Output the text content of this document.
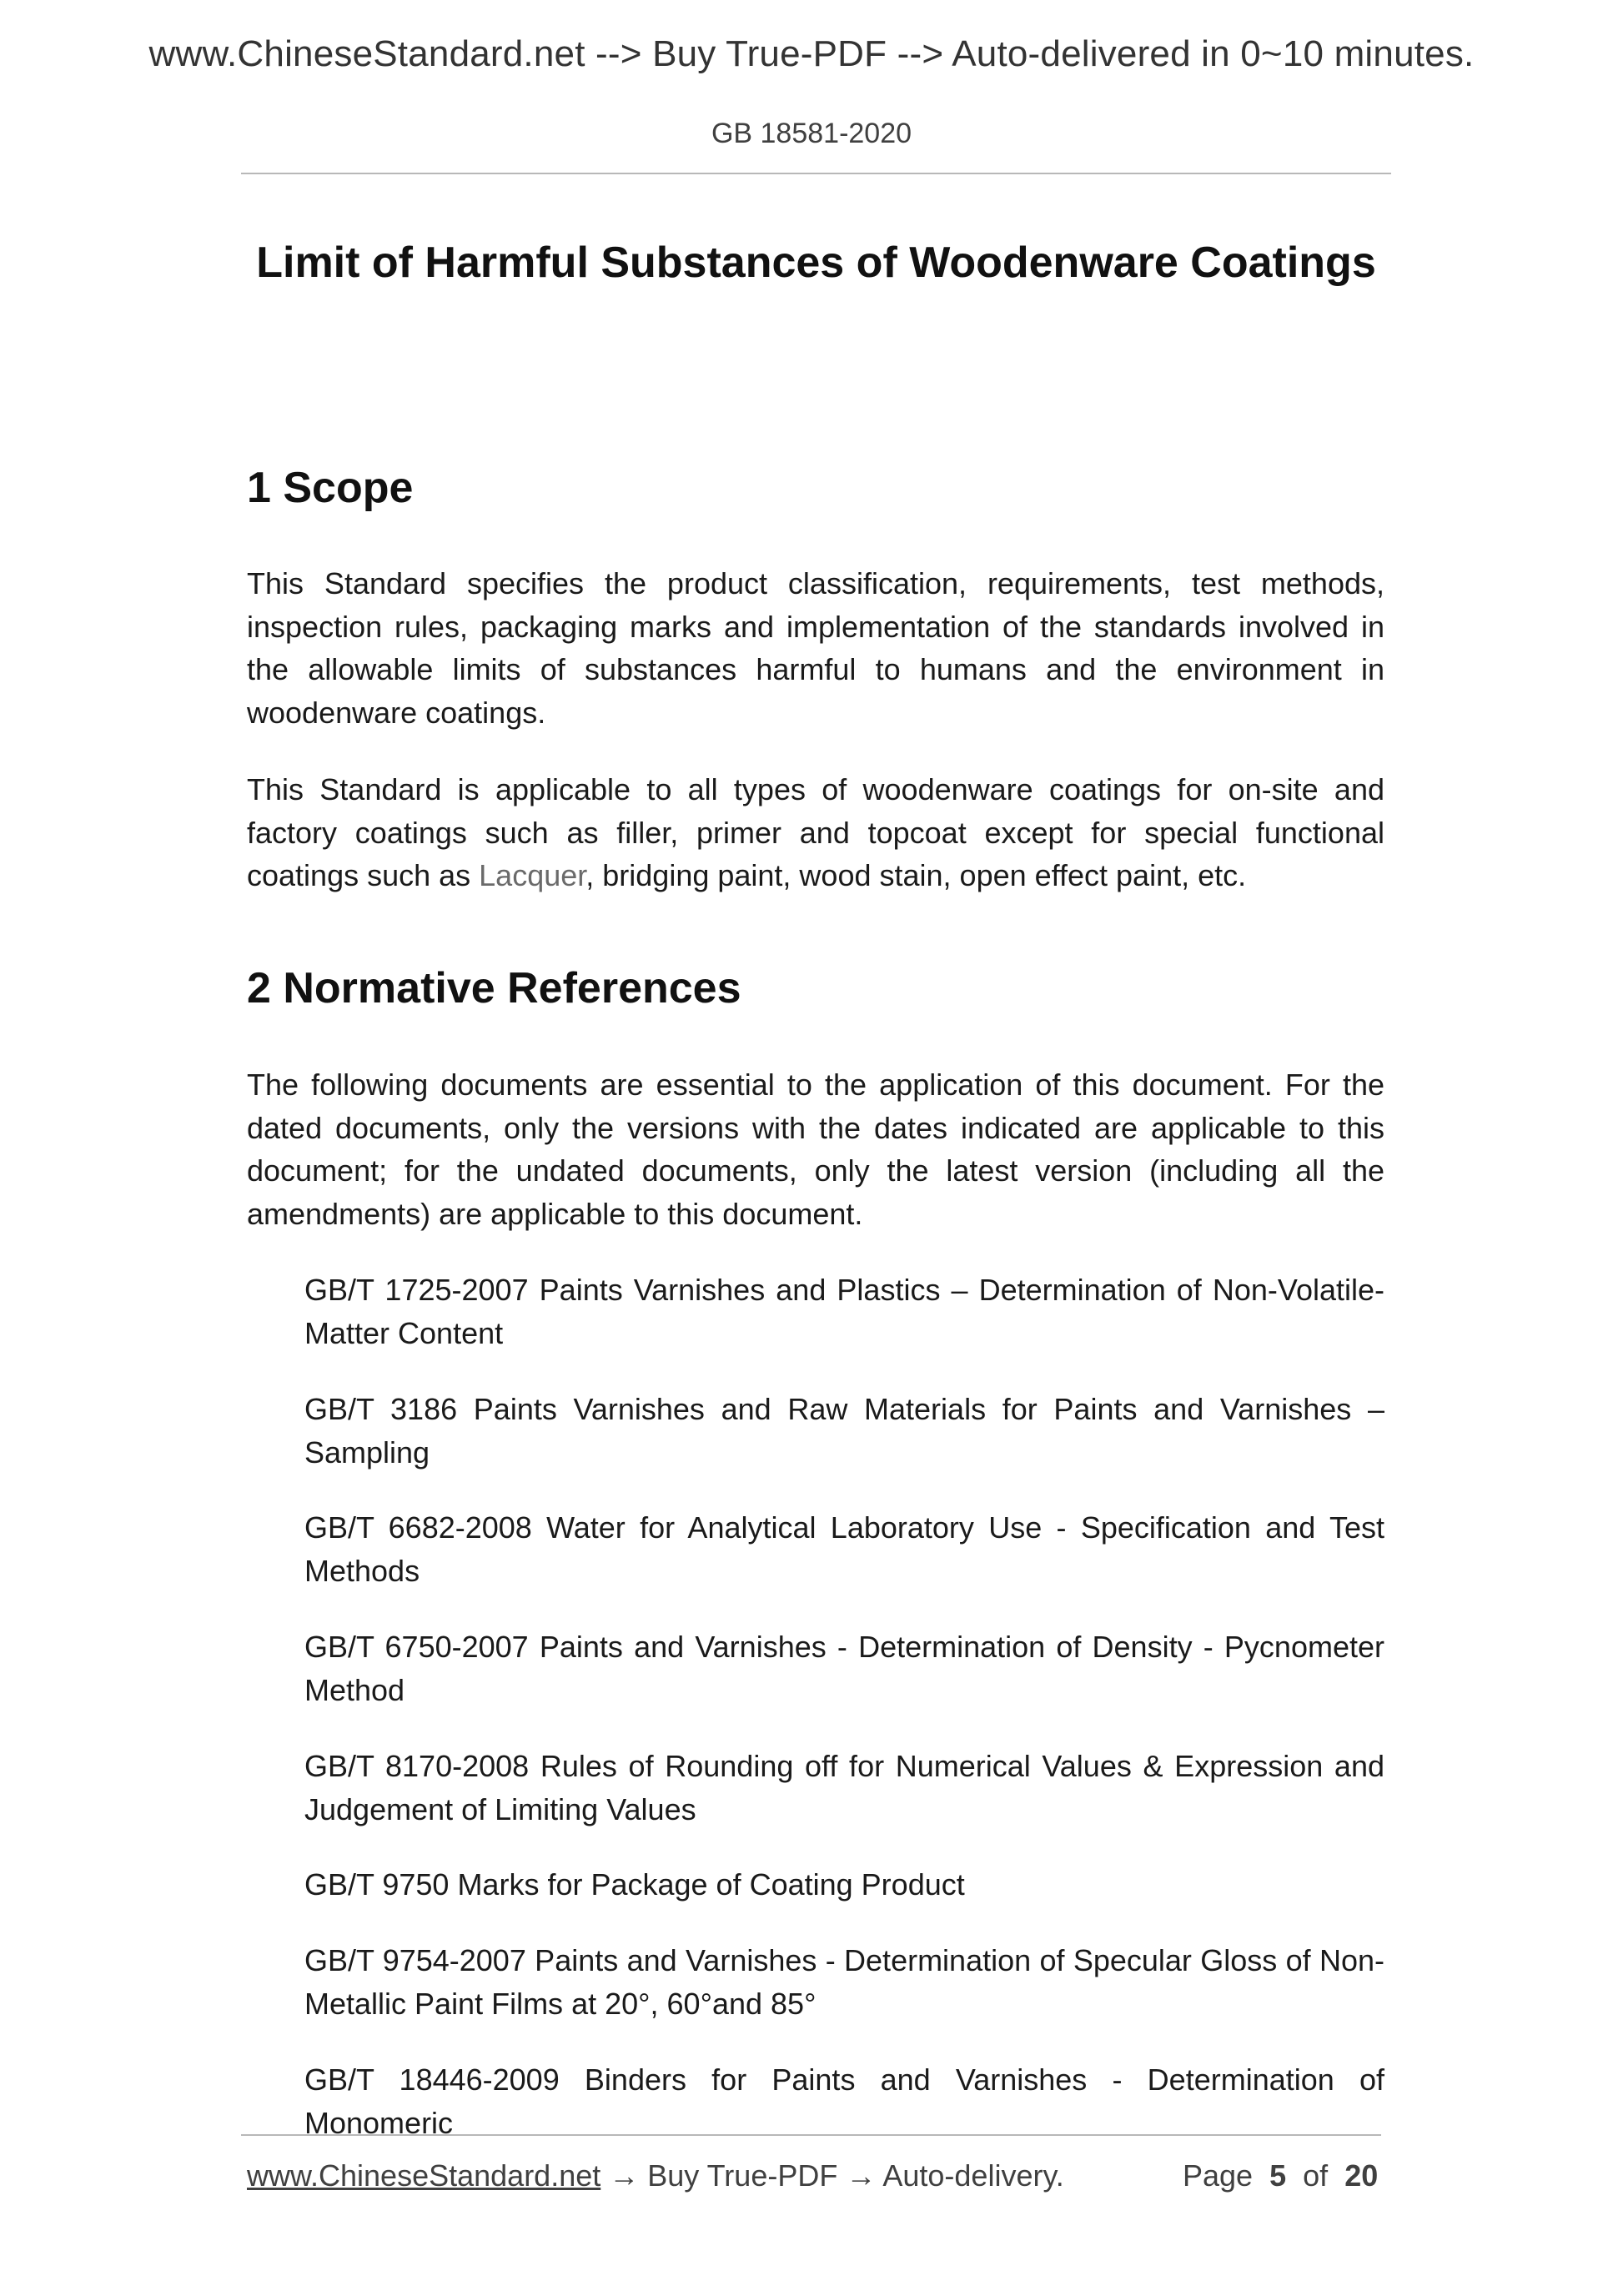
www.ChineseStandard.net --> Buy True-PDF --> Auto-delivered in 0~10 minutes.
GB 18581-2020
Limit of Harmful Substances of Woodenware Coatings
1 Scope
This Standard specifies the product classification, requirements, test methods, inspection rules, packaging marks and implementation of the standards involved in the allowable limits of substances harmful to humans and the environment in woodenware coatings.
This Standard is applicable to all types of woodenware coatings for on-site and factory coatings such as filler, primer and topcoat except for special functional coatings such as Lacquer, bridging paint, wood stain, open effect paint, etc.
2 Normative References
The following documents are essential to the application of this document. For the dated documents, only the versions with the dates indicated are applicable to this document; for the undated documents, only the latest version (including all the amendments) are applicable to this document.
GB/T 1725-2007 Paints Varnishes and Plastics – Determination of Non-Volatile-Matter Content
GB/T 3186 Paints Varnishes and Raw Materials for Paints and Varnishes – Sampling
GB/T 6682-2008 Water for Analytical Laboratory Use - Specification and Test Methods
GB/T 6750-2007 Paints and Varnishes - Determination of Density - Pycnometer Method
GB/T 8170-2008 Rules of Rounding off for Numerical Values & Expression and Judgement of Limiting Values
GB/T 9750 Marks for Package of Coating Product
GB/T 9754-2007 Paints and Varnishes - Determination of Specular Gloss of Non-Metallic Paint Films at 20°, 60°and 85°
GB/T 18446-2009 Binders for Paints and Varnishes - Determination of Monomeric
www.ChineseStandard.net → Buy True-PDF → Auto-delivery.	Page 5 of 20
